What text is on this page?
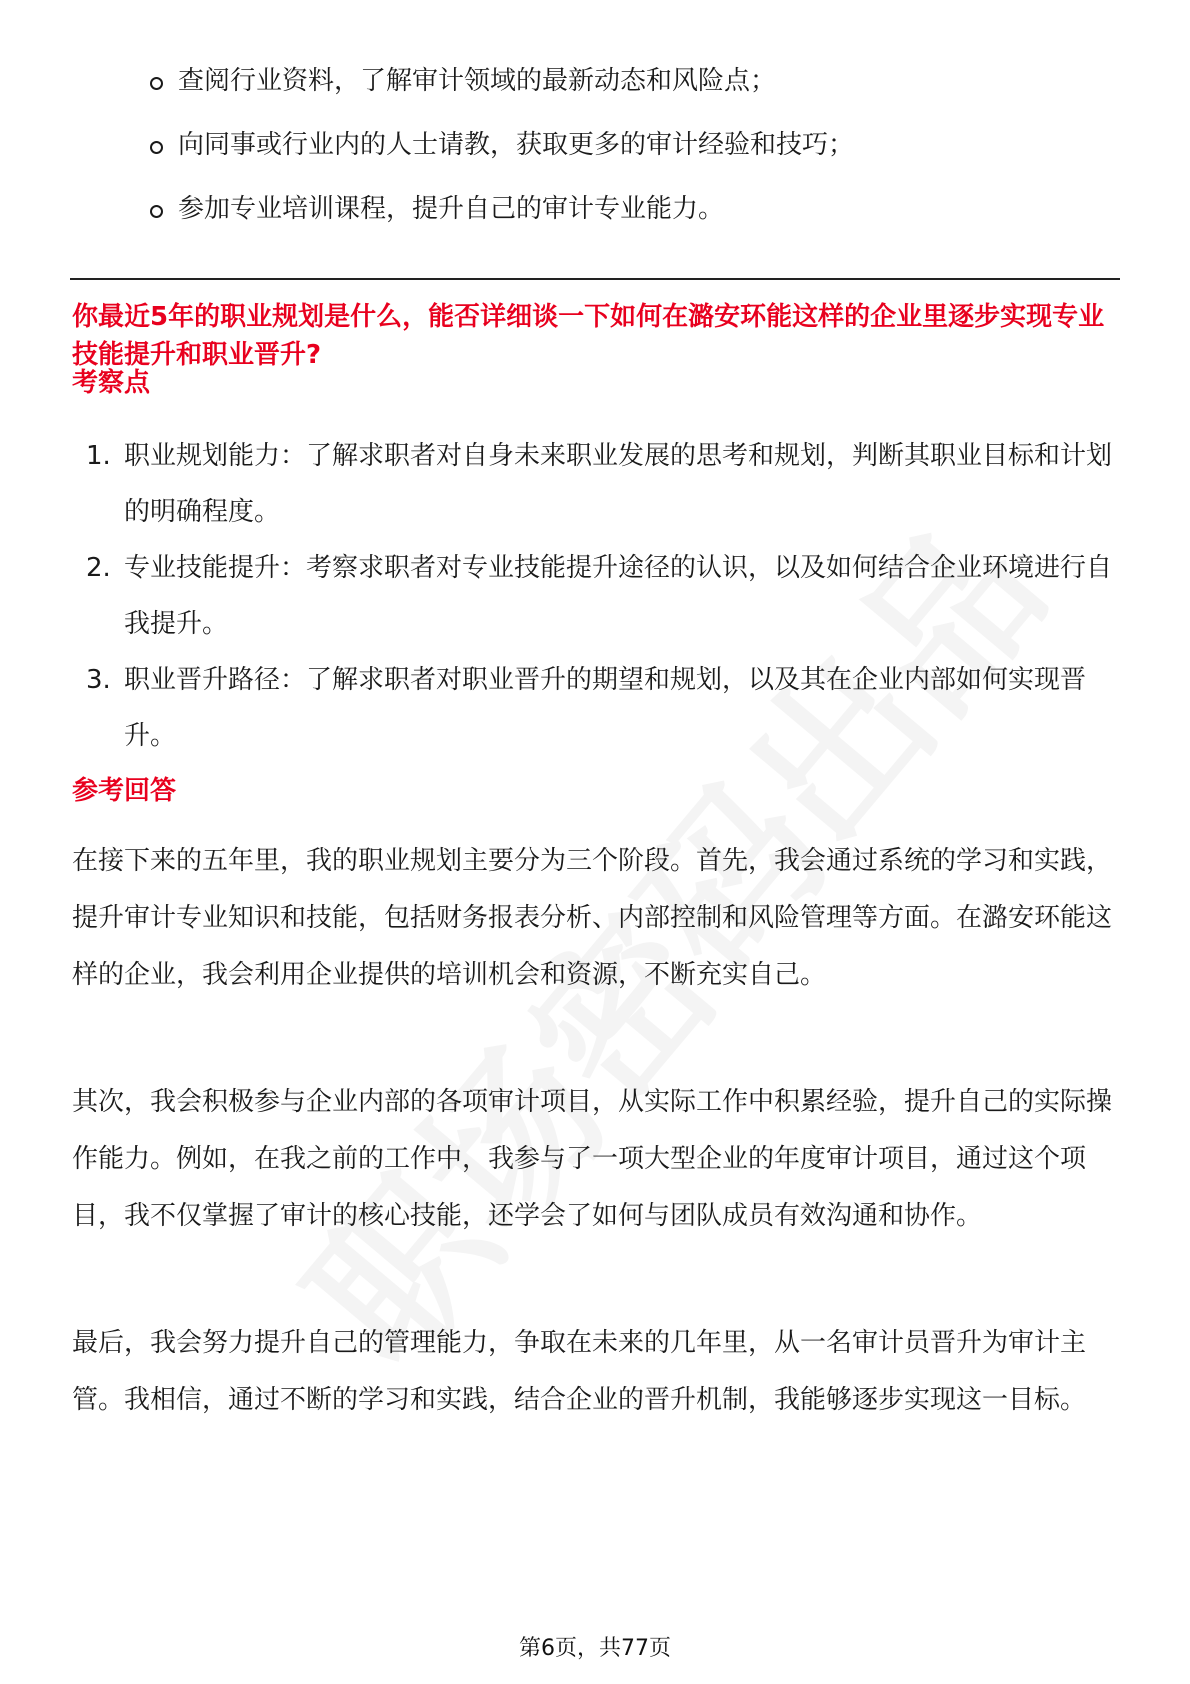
查阅行业资料，了解审计领域的最新动态和风险点；
向同事或行业内的人士请教，获取更多的审计经验和技巧；
参加专业培训课程，提升自己的审计专业能力。
你最近5年的职业规划是什么，能否详细谈一下如何在潞安环能这样的企业里逐步实现专业技能提升和职业晋升?
考察点
1. 职业规划能力：了解求职者对自身未来职业发展的思考和规划，判断其职业目标和计划的明确程度。
2. 专业技能提升：考察求职者对专业技能提升途径的认识，以及如何结合企业环境进行自我提升。
3. 职业晋升路径：了解求职者对职业晋升的期望和规划，以及其在企业内部如何实现晋升。
参考回答
在接下来的五年里，我的职业规划主要分为三个阶段。首先，我会通过系统的学习和实践，提升审计专业知识和技能，包括财务报表分析、内部控制和风险管理等方面。在潞安环能这样的企业，我会利用企业提供的培训机会和资源，不断充实自己。
其次，我会积极参与企业内部的各项审计项目，从实际工作中积累经验，提升自己的实际操作能力。例如，在我之前的工作中，我参与了一项大型企业的年度审计项目，通过这个项目，我不仅掌握了审计的核心技能，还学会了如何与团队成员有效沟通和协作。
最后，我会努力提升自己的管理能力，争取在未来的几年里，从一名审计员晋升为审计主管。我相信，通过不断的学习和实践，结合企业的晋升机制，我能够逐步实现这一目标。
第6页，共77页
